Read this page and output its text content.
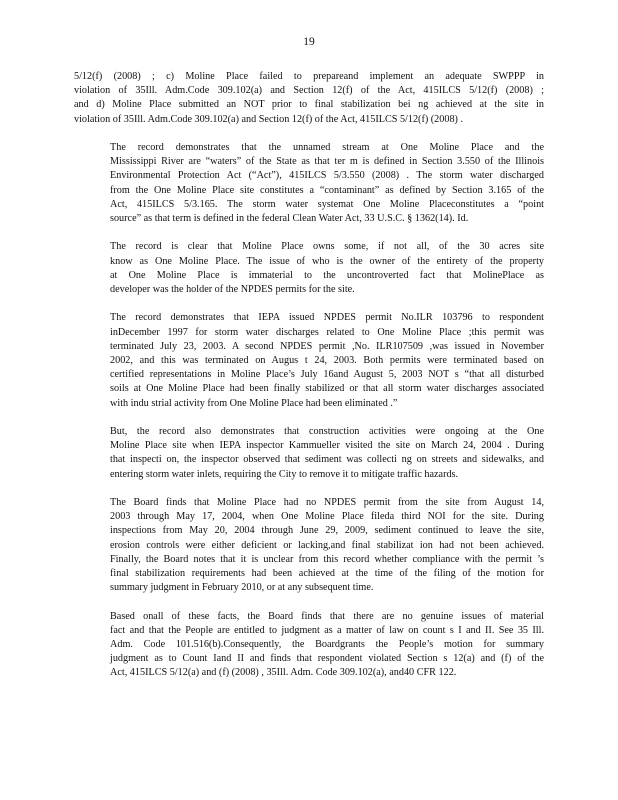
19
5/12(f) (2008) ; c) Moline Place failed to prepareand implement an adequate SWPPP in
violation of 35Ill. Adm.Code 309.102(a) and Section 12(f) of the Act, 415ILCS 5/12(f) (2008) ;
and d) Moline Place submitted an NOT prior to final stabilization bei ng achieved at the site in
violation of 35Ill. Adm.Code 309.102(a) and Section 12(f) of the Act, 415ILCS 5/12(f) (2008) .
The record demonstrates that the unnamed stream at One Moline Place and the
Mississippi River are “waters” of the State as that ter m is defined in Section 3.550 of the Illinois
Environmental Protection Act (“Act”), 415ILCS 5/3.550 (2008) . The storm water discharged
from the One Moline Place site constitutes a “contaminant” as defined by Section 3.165 of the
Act, 415ILCS 5/3.165. The storm water systemat One Moline Placeconstitutes a “point
source” as that term is defined in the federal Clean Water Act, 33 U.S.C. § 1362(14). Id.
The record is clear that Moline Place owns some, if not all, of the 30 acres site
know as One Moline Place. The issue of who is the owner of the entirety of the property
at One Moline Place is immaterial to the uncontroverted fact that MolinePlace as
developer was the holder of the NPDES permits for the site.
The record demonstrates that IEPA issued NPDES permit No.ILR 103796 to respondent
inDecember 1997 for storm water discharges related to One Moline Place ;this permit was
terminated July 23, 2003. A second NPDES permit ,No. ILR107509 ,was issued in November
2002, and this was terminated on Augus t 24, 2003. Both permits were terminated based on
certified representations in Moline Place’s July 16and August 5, 2003 NOT s “that all disturbed
soils at One Moline Place had been finally stabilized or that all storm water discharges associated
with indu strial activity from One Moline Place had been eliminated .”
But, the record also demonstrates that construction activities were ongoing at the One
Moline Place site when IEPA inspector Kammueller visited the site on March 24, 2004 . During
that inspecti on, the inspector observed that sediment was collecti ng on streets and sidewalks, and
entering storm water inlets, requiring the City to remove it to mitigate traffic hazards.
The Board finds that Moline Place had no NPDES permit from the site from August 14,
2003 through May 17, 2004, when One Moline Place fileda third NOI for the site. During
inspections from May 20, 2004 through June 29, 2009, sediment continued to leave the site,
erosion controls were either deficient or lacking,and final stabilizat ion had not been achieved.
Finally, the Board notes that it is unclear from this record whether compliance with the permit ’s
final stabilization requirements had been achieved at the time of the filing of the motion for
summary judgment in February 2010, or at any subsequent time.
Based onall of these facts, the Board finds that there are no genuine issues of material
fact and that the People are entitled to judgment as a matter of law on count s I and II. See 35 Ill.
Adm. Code 101.516(b).Consequently, the Boardgrants the People’s motion for summary
judgment as to Count Iand II and finds that respondent violated Section s 12(a) and (f) of the
Act, 415ILCS 5/12(a) and (f) (2008) , 35Ill. Adm. Code 309.102(a), and40 CFR 122.
